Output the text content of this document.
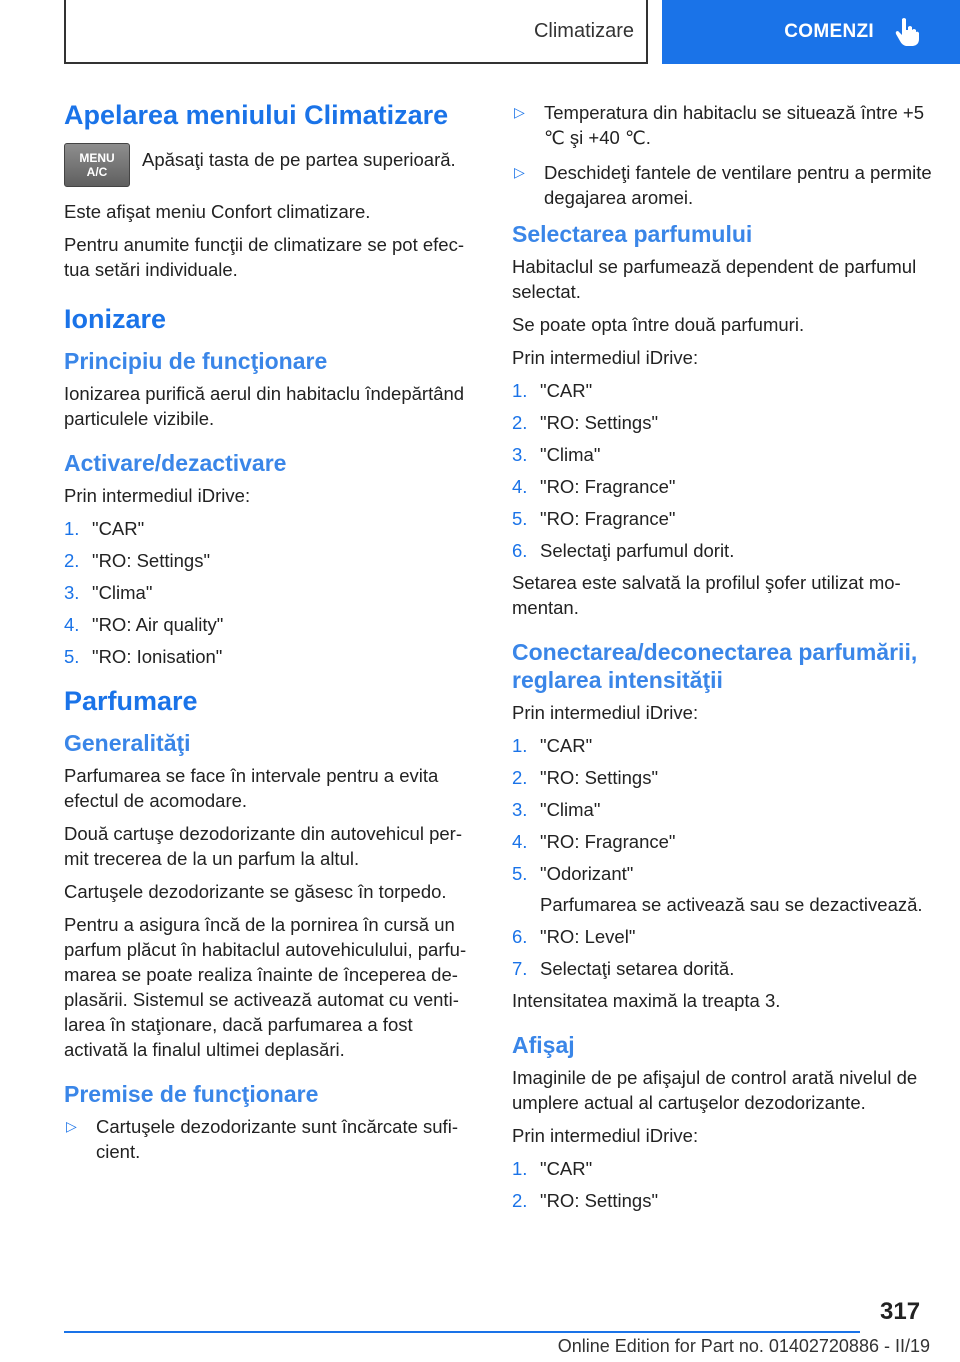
Climatizare	COMENZI
Apelarea meniului Climatizare
MENU
A/C

Apăsaţi tasta de pe partea superioară.

Este afişat meniu Confort climatizare.

Pentru anumite funcţii de climatizare se pot efectua setări individuale.

Ionizare
Principiu de funcţionare

Ionizarea purifică aerul din habitaclu îndepărtând particulele vizibile.

Activare/dezactivare

Prin intermediul iDrive:

1. "CAR"
2. "RO: Settings"
3. "Clima"
4. "RO: Air quality"
5. "RO: Ionisation"
Parfumare
Generalităţi

Parfumarea se face în intervale pentru a evita efectul de acomodare.

Două cartuşe dezodorizante din autovehicul permit trecerea de la un parfum la altul.

Cartuşele dezodorizante se găsesc în torpedo.

Pentru a asigura încă de la pornirea în cursă un parfum plăcut în habitaclul autovehiculului, parfumarea se poate realiza înainte de începerea deplasării. Sistemul se activează automat cu ventilarea în staţionare, dacă parfumarea a fost activată la finalul ultimei deplasări.

Premise de funcţionare
▷	Cartuşele dezodorizante sunt încărcate suficient.
▷	Temperatura din habitaclu se situează între +5 ℃ şi +40 ℃.
▷	Deschideţi fantele de ventilare pentru a permite degajarea aromei.
Selectarea parfumului

Habitaclul se parfumează dependent de parfumul selectat.

Se poate opta între două parfumuri.

Prin intermediul iDrive:

1. "CAR"
2. "RO: Settings"
3. "Clima"
4. "RO: Fragrance"
5. "RO: Fragrance"
6. Selectaţi parfumul dorit.

Setarea este salvată la profilul şofer utilizat momentan.

Conectarea/deconectarea parfumării, reglarea intensităţii

Prin intermediul iDrive:

1. "CAR"
2. "RO: Settings"
3. "Clima"
4. "RO: Fragrance"
5. "Odorizant"
Parfumarea se activează sau se dezactivează.
6. "RO: Level"
7. Selectaţi setarea dorită.

Intensitatea maximă la treapta 3.

Afişaj

Imaginile de pe afişajul de control arată nivelul de umplere actual al cartuşelor dezodorizante.

Prin intermediul iDrive:

1. "CAR"
2. "RO: Settings"
317
Online Edition for Part no. 01402720886 - II/19
